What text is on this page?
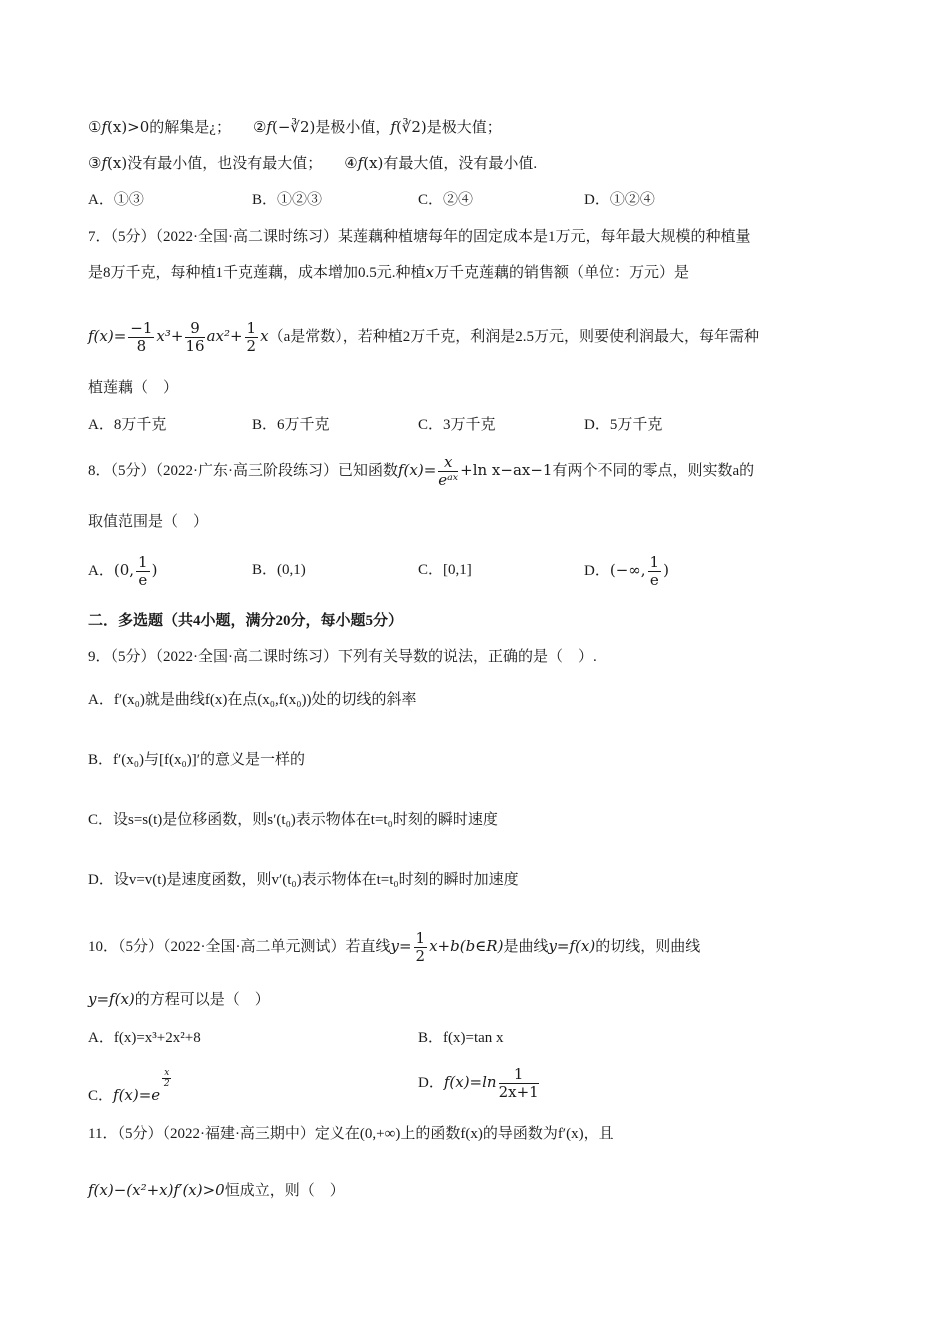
①f(x)>0的解集是¿； ②f(−∛2)是极小值，f(∛2)是极大值；
③f(x)没有最小值，也没有最大值； ④f(x)有最大值，没有最小值.
A．①③	B．①②③	C．②④	D．①②④
7．（5分）（2022·全国·高二课时练习）某莲藕种植塘每年的固定成本是1万元，每年最大规模的种植量
是8万千克，每种植1千克莲藕，成本增加0.5元.种植x万千克莲藕的销售额（单位：万元）是
$f(x)= \frac{-1}{8} x^3+ \frac{9}{16} ax^2+ \frac{1}{2} x(a$是常数），若种植2万千克，利润是2.5万元，则要使利润最大，每年需种
植莲藕（　）
A．8万千克	B．6万千克	C．3万千克	D．5万千克
8．（5分）（2022·广东·高三阶段练习）已知函数$f(x)= \frac{x}{\text{eᵃˣ}} +\ln$ x−ax−1有两个不同的零点，则实数a的
取值范围是（　）
A．(0, $\frac{1}{e}$ )	B．(0,1)	C．[0,1]	D．(−∞, $\frac{1}{e}$ )
二．多选题（共4小题，满分20分，每小题5分）
9．（5分）（2022·全国·高二课时练习）下列有关导数的说法，正确的是（　）.
A．f′(x₀)就是曲线f(x)在点(x₀,f(x₀))处的切线的斜率
B．f′(x₀)与[f(x₀)]′的意义是一样的
C．设s=s(t)是位移函数，则s′(t₀)表示物体在t=t₀时刻的瞬时速度
D．设v=v(t)是速度函数，则v′(t₀)表示物体在t=t₀时刻的瞬时加速度
10．（5分）（2022·全国·高二单元测试）若直线$y= \frac{1}{2}$ x+b(b∈R)是曲线y=f(x)的切线，则曲线
y=f(x)的方程可以是（　）
A．f(x)=x³+2x²+8	B．f(x)=tan x
C．f(x)=e
$\frac{x}{2}$	D．$f(x)=\ln \frac{1}{2x+1}$
11．（5分）（2022·福建·高三期中）定义在(0,+∞)上的函数f(x)的导函数为f′(x)，且
f(x)−(x²+x)f′(x)>0恒成立，则（　）
